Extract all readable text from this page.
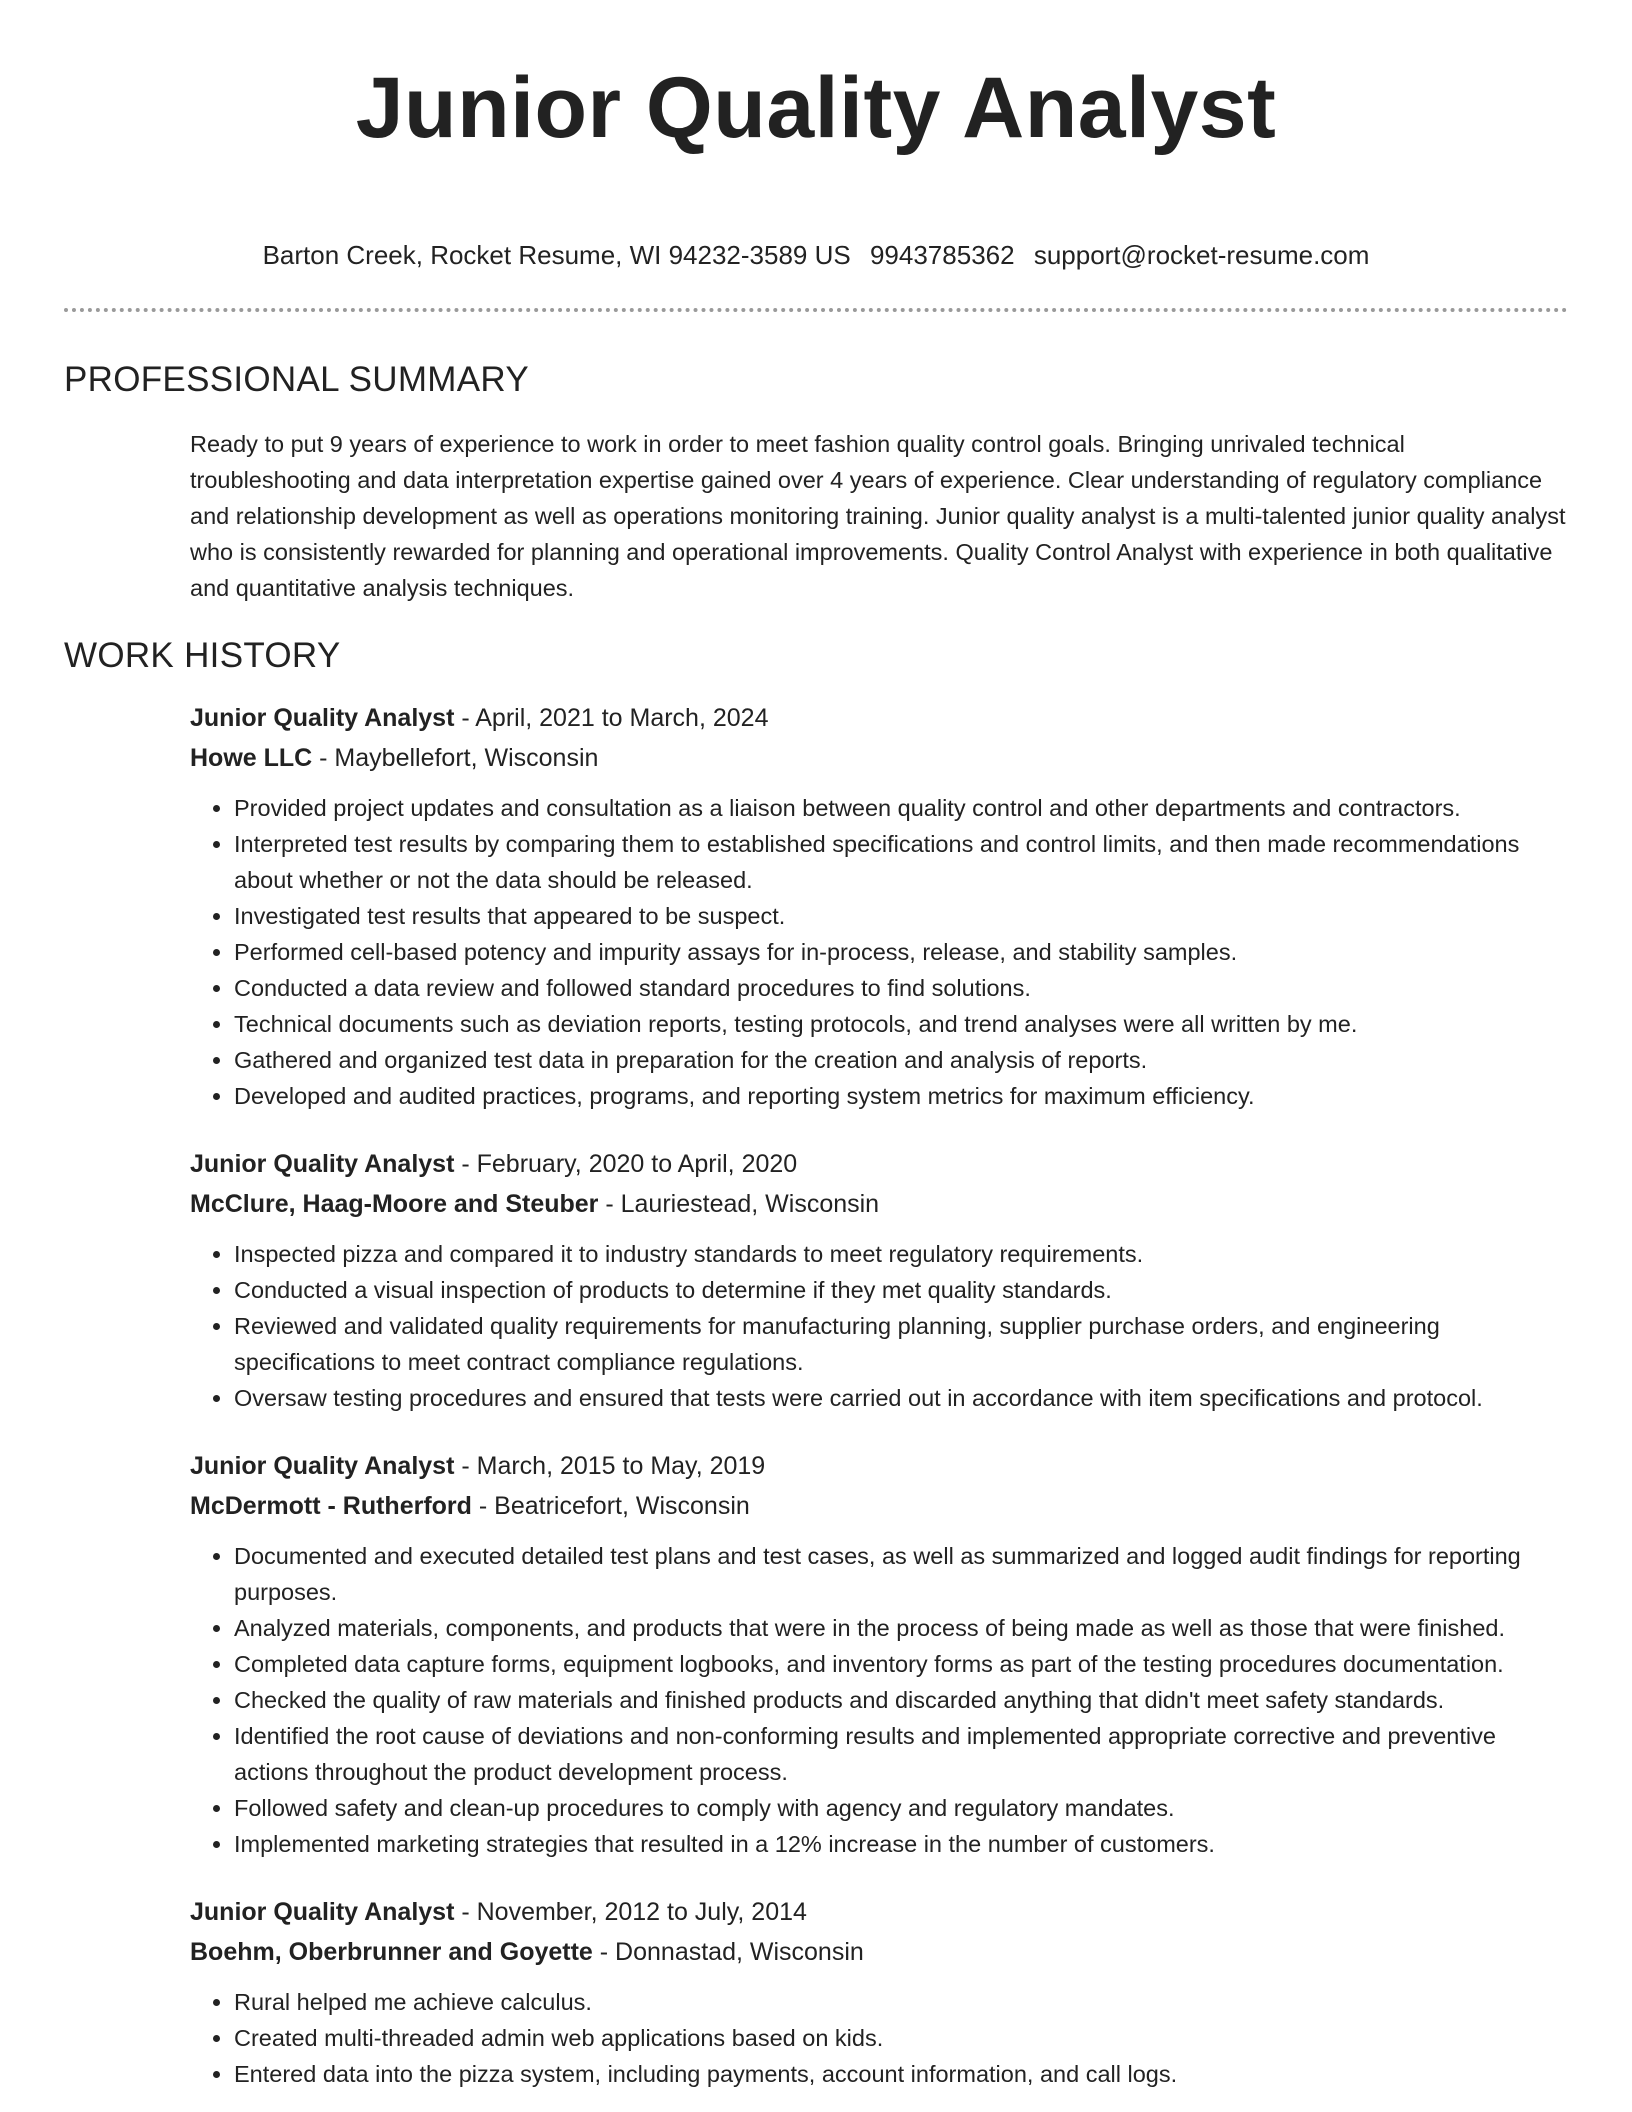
Junior Quality Analyst
Barton Creek, Rocket Resume, WI 94232-3589 US 9943785362 support@rocket-resume.com
PROFESSIONAL SUMMARY

Ready to put 9 years of experience to work in order to meet fashion quality control goals. Bringing unrivaled technical troubleshooting and data interpretation expertise gained over 4 years of experience. Clear understanding of regulatory compliance and relationship development as well as operations monitoring training. Junior quality analyst is a multi-talented junior quality analyst who is consistently rewarded for planning and operational improvements. Quality Control Analyst with experience in both qualitative and quantitative analysis techniques.

WORK HISTORY
Junior Quality Analyst - April, 2021 to March, 2024
Howe LLC - Maybellefort, Wisconsin
• Provided project updates and consultation as a liaison between quality control and other departments and contractors.
• Interpreted test results by comparing them to established specifications and control limits, and then made recommendations about whether or not the data should be released.
• Investigated test results that appeared to be suspect.
• Performed cell-based potency and impurity assays for in-process, release, and stability samples.
• Conducted a data review and followed standard procedures to find solutions.
• Technical documents such as deviation reports, testing protocols, and trend analyses were all written by me.
• Gathered and organized test data in preparation for the creation and analysis of reports.
• Developed and audited practices, programs, and reporting system metrics for maximum efficiency.
Junior Quality Analyst - February, 2020 to April, 2020
McClure, Haag-Moore and Steuber - Lauriestead, Wisconsin
• Inspected pizza and compared it to industry standards to meet regulatory requirements.
• Conducted a visual inspection of products to determine if they met quality standards.
• Reviewed and validated quality requirements for manufacturing planning, supplier purchase orders, and engineering specifications to meet contract compliance regulations.
• Oversaw testing procedures and ensured that tests were carried out in accordance with item specifications and protocol.
Junior Quality Analyst - March, 2015 to May, 2019
McDermott - Rutherford - Beatricefort, Wisconsin
• Documented and executed detailed test plans and test cases, as well as summarized and logged audit findings for reporting purposes.
• Analyzed materials, components, and products that were in the process of being made as well as those that were finished.
• Completed data capture forms, equipment logbooks, and inventory forms as part of the testing procedures documentation.
• Checked the quality of raw materials and finished products and discarded anything that didn't meet safety standards.
• Identified the root cause of deviations and non-conforming results and implemented appropriate corrective and preventive actions throughout the product development process.
• Followed safety and clean-up procedures to comply with agency and regulatory mandates.
• Implemented marketing strategies that resulted in a 12% increase in the number of customers.
Junior Quality Analyst - November, 2012 to July, 2014
Boehm, Oberbrunner and Goyette - Donnastad, Wisconsin
• Rural helped me achieve calculus.
• Created multi-threaded admin web applications based on kids.
• Entered data into the pizza system, including payments, account information, and call logs.
